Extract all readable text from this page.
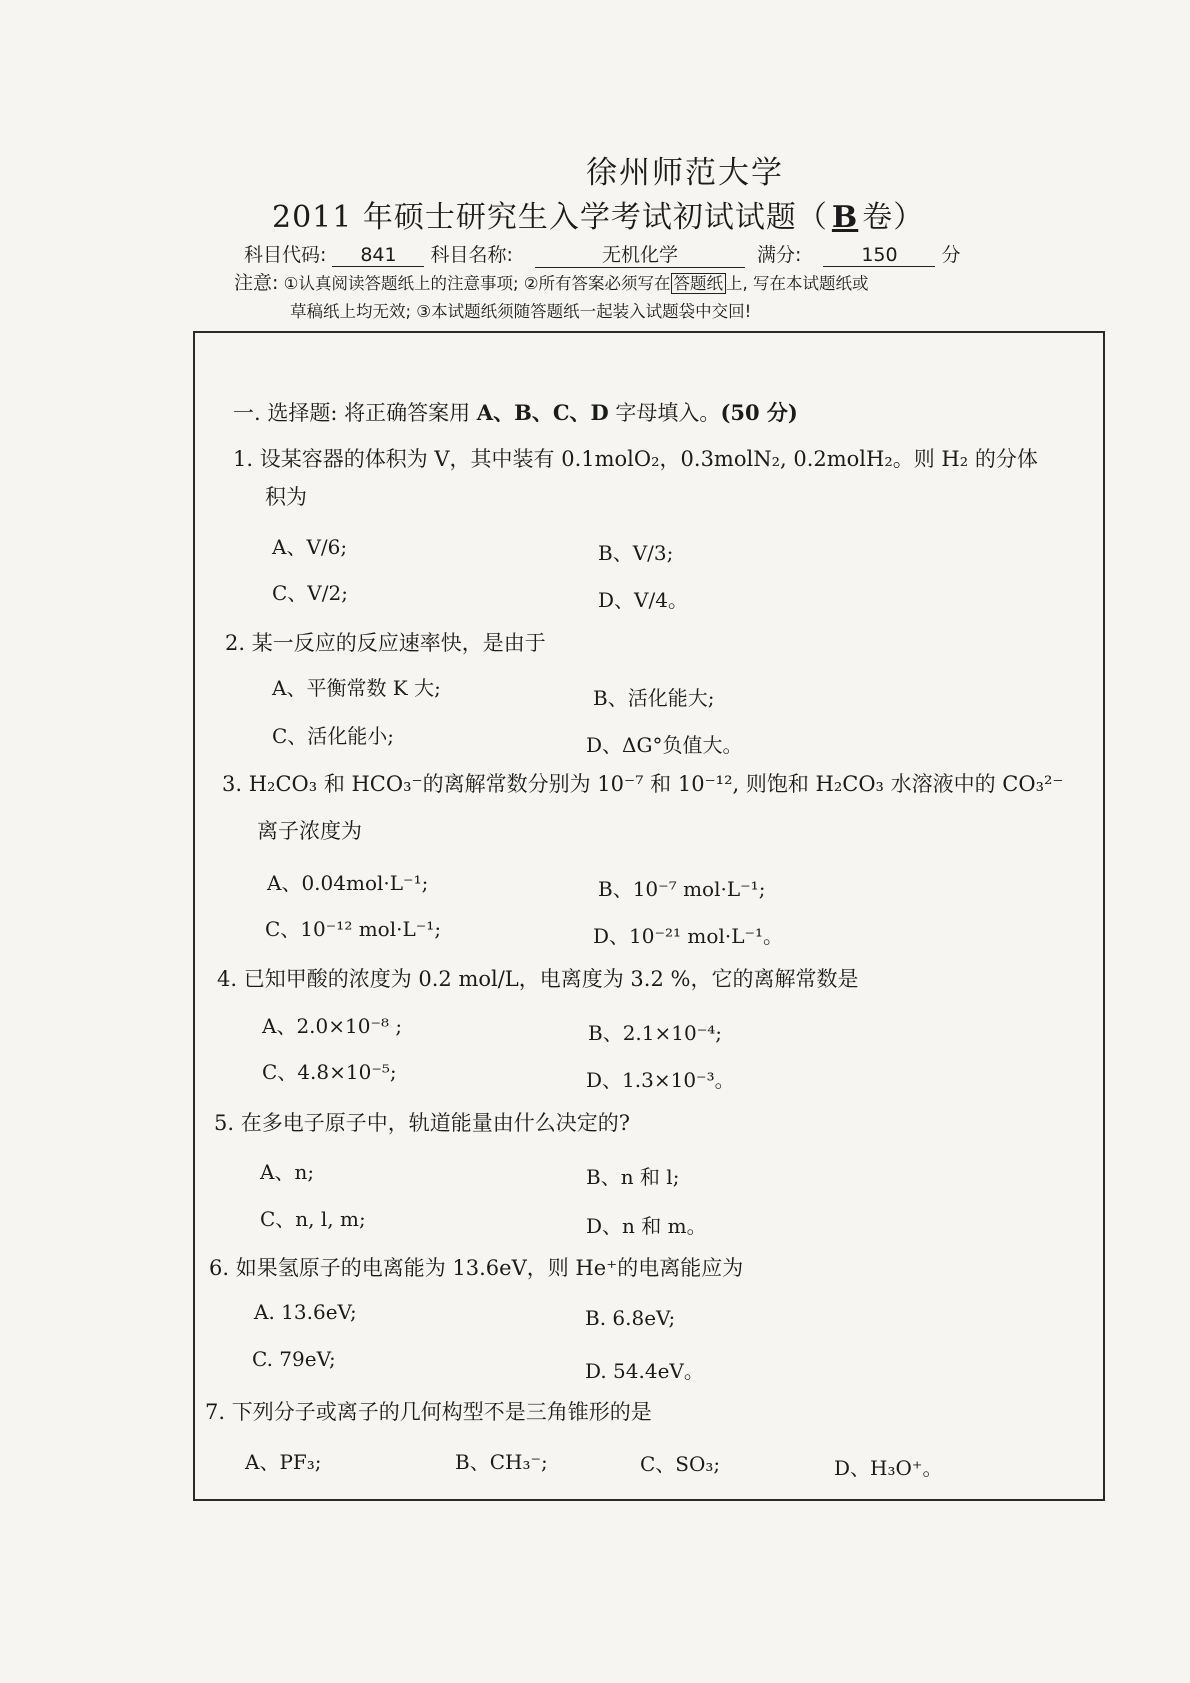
徐州师范大学
2011 年硕士研究生入学考试初试试题（ B 卷）
科目代码: 841 科目名称:	无机化学	满分:	150 分
注意: ①认真阅读答题纸上的注意事项; ②所有答案必须写在 答题纸 上, 写在本试题纸或
草稿纸上均无效; ③本试题纸须随答题纸一起装入试题袋中交回!
一. 选择题: 将正确答案用 A、B、C、D 字母填入。(50 分)
1. 设某容器的体积为 V，其中装有 0.1molO₂，0.3molN₂, 0.2molH₂。则 H₂ 的分体
积为
A、V/6;	B、V/3;
C、V/2;	D、V/4。
2. 某一反应的反应速率快，是由于
A、平衡常数 K 大;	B、活化能大;
C、活化能小;	D、ΔG°负值大。
3. H₂CO₃ 和 HCO₃⁻的离解常数分别为 10⁻⁷ 和 10⁻¹², 则饱和 H₂CO₃ 水溶液中的 CO₃²⁻
离子浓度为
A、0.04mol·L⁻¹;	B、10⁻⁷ mol·L⁻¹;
C、10⁻¹² mol·L⁻¹;	D、10⁻²¹ mol·L⁻¹。
4. 已知甲酸的浓度为 0.2 mol/L，电离度为 3.2 %，它的离解常数是
A、2.0×10⁻⁸ ;	B、2.1×10⁻⁴;
C、4.8×10⁻⁵;	D、1.3×10⁻³。
5. 在多电子原子中，轨道能量由什么决定的?
A、n;	B、n 和 l;
C、n, l, m;	D、n 和 m。
6. 如果氢原子的电离能为 13.6eV，则 He⁺的电离能应为
A. 13.6eV;	B. 6.8eV;
C. 79eV;	D. 54.4eV。
7. 下列分子或离子的几何构型不是三角锥形的是
A、PF₃;	B、CH₃⁻;	C、SO₃;	D、H₃O⁺。
